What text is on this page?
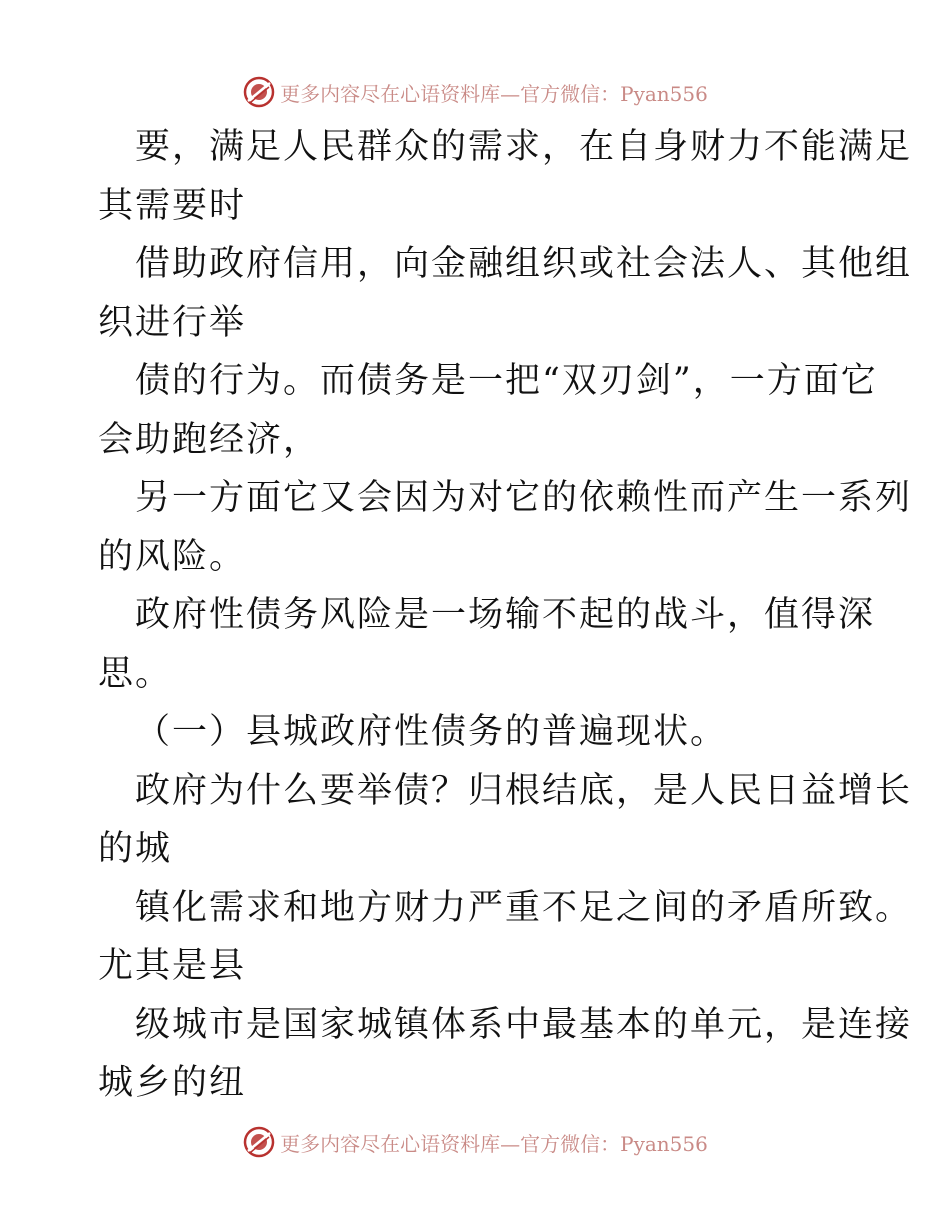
更多内容尽在心语资料库—官方微信：Pyan556
要，满足人民群众的需求，在自身财力不能满足
其需要时
借助政府信用，向金融组织或社会法人、其他组
织进行举
债的行为。而债务是一把“双刃剑”，一方面它
会助跑经济，
另一方面它又会因为对它的依赖性而产生一系列
的风险。
政府性债务风险是一场输不起的战斗，值得深
思。
（一）县城政府性债务的普遍现状。
政府为什么要举债？归根结底，是人民日益增长
的城
镇化需求和地方财力严重不足之间的矛盾所致。
尤其是县
级城市是国家城镇体系中最基本的单元，是连接
城乡的纽
更多内容尽在心语资料库—官方微信：Pyan556
